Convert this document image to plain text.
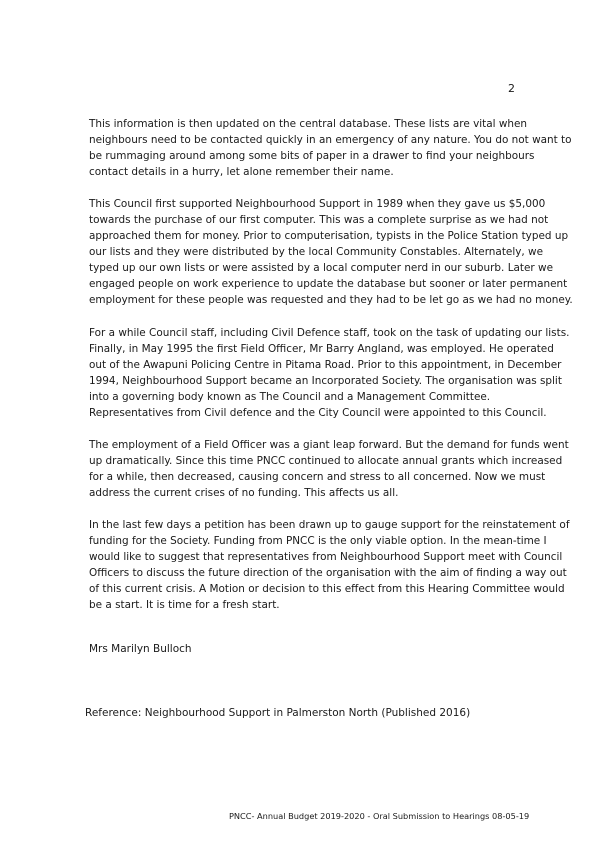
2

This information is then updated on the central database. These lists are vital when
neighbours need to be contacted quickly in an emergency of any nature. You do not want to
be rummaging around among some bits of paper in a drawer to find your neighbours
contact details in a hurry, let alone remember their name.

This Council first supported Neighbourhood Support in 1989 when they gave us $5,000
towards the purchase of our first computer. This was a complete surprise as we had not
approached them for money. Prior to computerisation, typists in the Police Station typed up
our lists and they were distributed by the local Community Constables. Alternately, we
typed up our own lists or were assisted by a local computer nerd in our suburb. Later we
engaged people on work experience to update the database but sooner or later permanent
employment for these people was requested and they had to be let go as we had no money.

For a while Council staff, including Civil Defence staff, took on the task of updating our lists.
Finally, in May 1995 the first Field Officer, Mr Barry Angland, was employed. He operated
out of the Awapuni Policing Centre in Pitama Road. Prior to this appointment, in December
1994, Neighbourhood Support became an Incorporated Society. The organisation was split
into a governing body known as The Council and a Management Committee.
Representatives from Civil defence and the City Council were appointed to this Council.

The employment of a Field Officer was a giant leap forward. But the demand for funds went
up dramatically. Since this time PNCC continued to allocate annual grants which increased
for a while, then decreased, causing concern and stress to all concerned. Now we must
address the current crises of no funding. This affects us all.

In the last few days a petition has been drawn up to gauge support for the reinstatement of
funding for the Society. Funding from PNCC is the only viable option. In the mean-time I
would like to suggest that representatives from Neighbourhood Support meet with Council
Officers to discuss the future direction of the organisation with the aim of finding a way out
of this current crisis. A Motion or decision to this effect from this Hearing Committee would
be a start. It is time for a fresh start.

Mrs Marilyn Bulloch
Reference: Neighbourhood Support in Palmerston North (Published 2016)
PNCC- Annual Budget 2019-2020 - Oral Submission to Hearings 08-05-19
